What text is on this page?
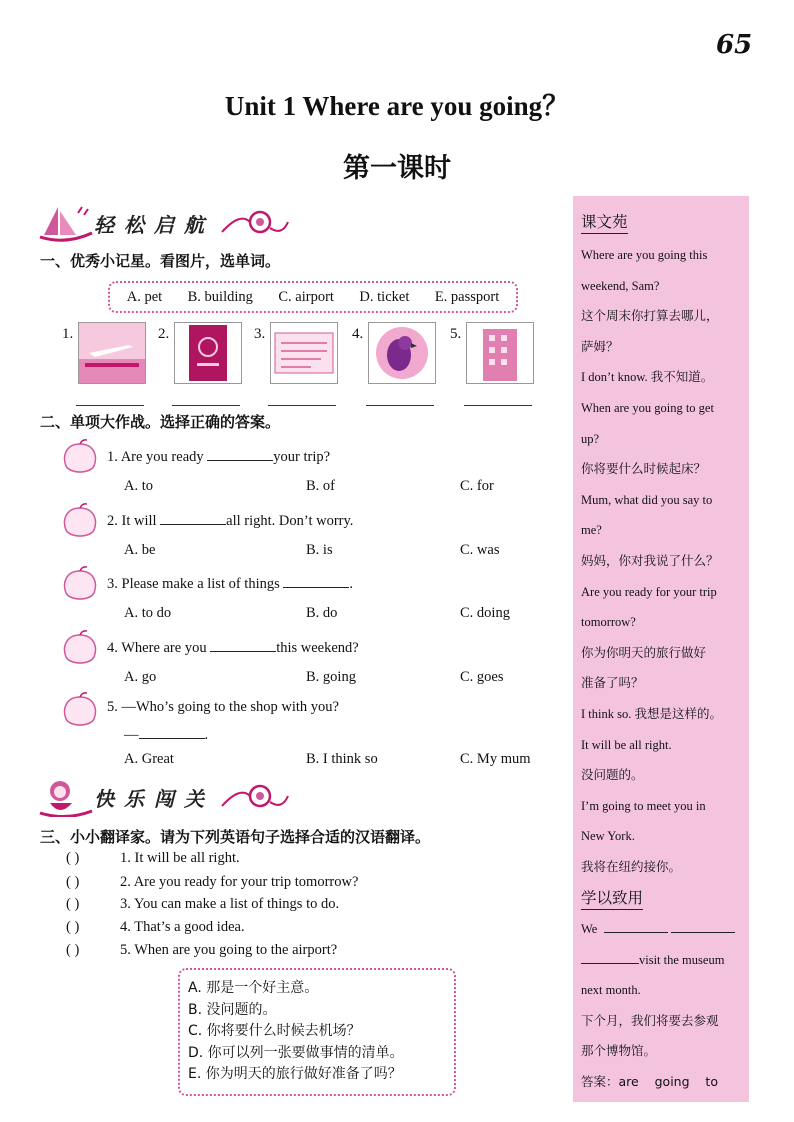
65
Unit 1 Where are you going？
第一课时
轻松启航
一、优秀小记星。看图片，选单词。
A. pet B. building C. airport D. ticket E. passport
1.	2.	3.	4.	5.
二、单项大作战。选择正确的答案。
1. Are you ready	your trip?
A. to	B. of	C. for
2. It will	all right. Don’t worry.
A. be	B. is	C. was
3. Please make a list of things	.
A. to do	B. do	C. doing
4. Where are you	this weekend?
A. go	B. going	C. goes
5. —Who’s going to the shop with you?
—	.
A. Great	B. I think so	C. My mum
快乐闯关
三、小小翻译家。请为下列英语句子选择合适的汉语翻译。
( )	1. It will be all right.
( )	2. Are you ready for your trip tomorrow?
( )	3. You can make a list of things to do.
( )	4. That’s a good idea.
( )	5. When are you going to the airport?
A. 那是一个好主意。
B. 没问题的。
C. 你将要什么时候去机场？
D. 你可以列一张要做事情的清单。
E. 你为明天的旅行做好准备了吗？
课文苑
Where are you going this
weekend, Sam?
这个周末你打算去哪儿，
萨姆？
I don’t know. 我不知道。
When are you going to get
up?
你将要什么时候起床？
Mum, what did you say to
me?
妈妈，你对我说了什么？
Are you ready for your trip
tomorrow?
你为你明天的旅行做好
准备了吗？
I think so. 我想是这样的。
It will be all right.
没问题的。
I’m going to meet you in
New York.
我将在纽约接你。
学以致用
We
visit the museum
next month.
下个月，我们将要去参观
那个博物馆。
答案：are    going    to
